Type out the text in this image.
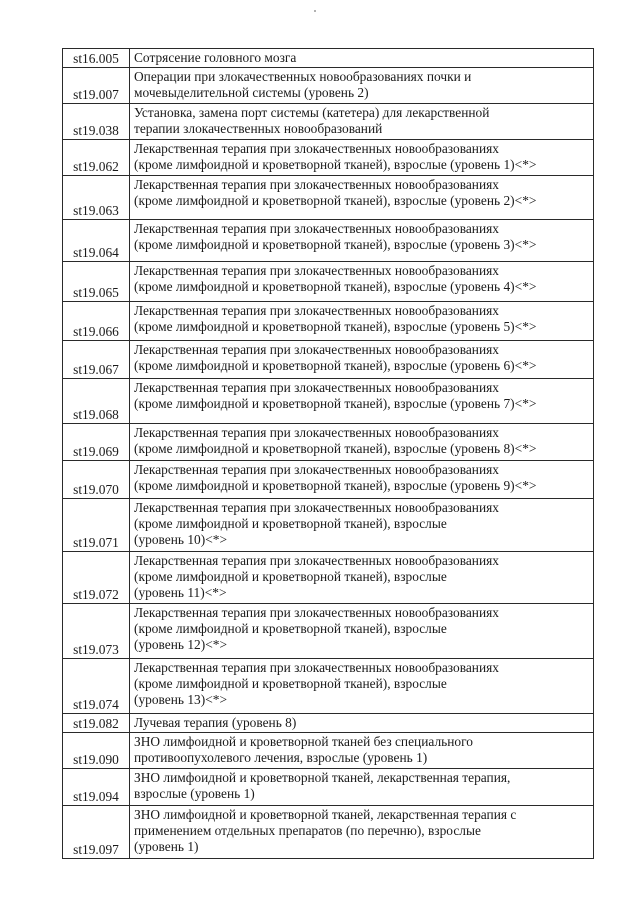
st16.005	Сотрясение головного мозга
st19.007	Операции при злокачественных новообразованиях почки и
мочевыделительной системы (уровень 2)
st19.038	Установка, замена порт системы (катетера) для лекарственной
терапии злокачественных новообразований
st19.062	Лекарственная терапия при злокачественных новообразованиях
(кроме лимфоидной и кроветворной тканей), взрослые (уровень 1)<*>
st19.063	Лекарственная терапия при злокачественных новообразованиях
(кроме лимфоидной и кроветворной тканей), взрослые (уровень 2)<*>
st19.064	Лекарственная терапия при злокачественных новообразованиях
(кроме лимфоидной и кроветворной тканей), взрослые (уровень 3)<*>
st19.065	Лекарственная терапия при злокачественных новообразованиях
(кроме лимфоидной и кроветворной тканей), взрослые (уровень 4)<*>
st19.066	Лекарственная терапия при злокачественных новообразованиях
(кроме лимфоидной и кроветворной тканей), взрослые (уровень 5)<*>
st19.067	Лекарственная терапия при злокачественных новообразованиях
(кроме лимфоидной и кроветворной тканей), взрослые (уровень 6)<*>
st19.068	Лекарственная терапия при злокачественных новообразованиях
(кроме лимфоидной и кроветворной тканей), взрослые (уровень 7)<*>
st19.069	Лекарственная терапия при злокачественных новообразованиях
(кроме лимфоидной и кроветворной тканей), взрослые (уровень 8)<*>
st19.070	Лекарственная терапия при злокачественных новообразованиях
(кроме лимфоидной и кроветворной тканей), взрослые (уровень 9)<*>
st19.071	Лекарственная терапия при злокачественных новообразованиях
(кроме лимфоидной и кроветворной тканей), взрослые
(уровень 10)<*>
st19.072	Лекарственная терапия при злокачественных новообразованиях
(кроме лимфоидной и кроветворной тканей), взрослые
(уровень 11)<*>
st19.073	Лекарственная терапия при злокачественных новообразованиях
(кроме лимфоидной и кроветворной тканей), взрослые
(уровень 12)<*>
st19.074	Лекарственная терапия при злокачественных новообразованиях
(кроме лимфоидной и кроветворной тканей), взрослые
(уровень 13)<*>
st19.082	Лучевая терапия (уровень 8)
st19.090	ЗНО лимфоидной и кроветворной тканей без специального
противоопухолевого лечения, взрослые (уровень 1)
st19.094	ЗНО лимфоидной и кроветворной тканей, лекарственная терапия,
взрослые (уровень 1)
st19.097	ЗНО лимфоидной и кроветворной тканей, лекарственная терапия с
применением отдельных препаратов (по перечню), взрослые
(уровень 1)
